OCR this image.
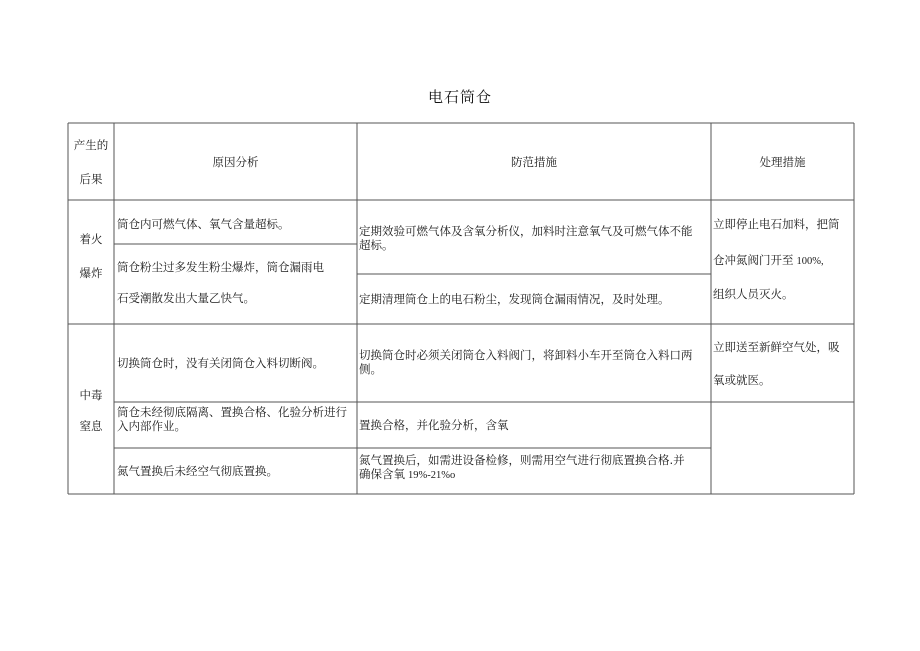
电石筒仓
产生的
后果
原因分析	防范措施	处理措施
着火
爆炸
筒仓内可燃气体、氧气含量超标。
筒仓粉尘过多发生粉尘爆炸，筒仓漏雨电
石受潮散发出大量乙快气。
定期效验可燃气体及含氧分析仪，加料时注意氧气及可燃气体不能
超标。
定期清理筒仓上的电石粉尘，发现筒仓漏雨情况，及时处理。
立即停止电石加料，把筒
仓冲氮阀门开至 100%,
组织人员灭火。
中毒
窒息
切换筒仓时，没有关闭筒仓入料切断阀。
筒仓未经彻底隔离、置换合格、化验分析进行
入内部作业。
氮气置换后未经空气彻底置换。
切换筒仓时必须关闭筒仓入料阀门，将卸料小车开至筒仓入料口两
侧。
置换合格，并化验分析，含氧
氮气置换后，如需进设备检修，则需用空气进行彻底置换合格.并
确保含氧 19%-21%o
立即送至新鲜空气处，吸
氧或就医。
